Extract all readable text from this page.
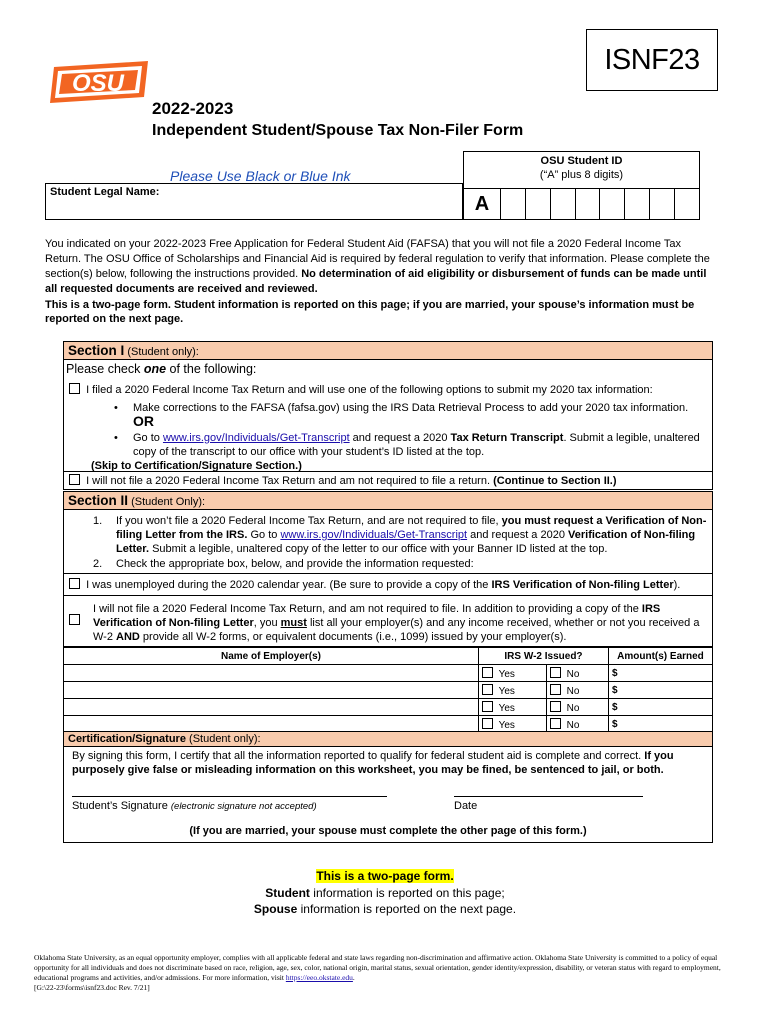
ISNF23
OSU
2022-2023
Independent Student/Spouse Tax Non-Filer Form
Please Use Black or Blue Ink
OSU Student ID
(“A” plus 8 digits)
A
Student Legal Name:
You indicated on your 2022-2023 Free Application for Federal Student Aid (FAFSA) that you will not file a 2020 Federal Income Tax Return. The OSU Office of Scholarships and Financial Aid is required by federal regulation to verify that information. Please complete the section(s) below, following the instructions provided. No determination of aid eligibility or disbursement of funds can be made until all requested documents are received and reviewed.
This is a two-page form. Student information is reported on this page; if you are married, your spouse’s information must be reported on the next page.
Section I (Student only):
Please check one of the following:
I filed a 2020 Federal Income Tax Return and will use one of the following options to submit my 2020 tax information:
• Make corrections to the FAFSA (fafsa.gov) using the IRS Data Retrieval Process to add your 2020 tax information.
OR
• Go to www.irs.gov/Individuals/Get-Transcript and request a 2020 Tax Return Transcript. Submit a legible, unaltered copy of the transcript to our office with your student’s ID listed at the top.
(Skip to Certification/Signature Section.)
I will not file a 2020 Federal Income Tax Return and am not required to file a return. (Continue to Section II.)
Section II (Student Only):
1. If you won’t file a 2020 Federal Income Tax Return, and are not required to file, you must request a Verification of Non-filing Letter from the IRS. Go to www.irs.gov/Individuals/Get-Transcript and request a 2020 Verification of Non-filing Letter. Submit a legible, unaltered copy of the letter to our office with your Banner ID listed at the top.
2. Check the appropriate box, below, and provide the information requested:
I was unemployed during the 2020 calendar year. (Be sure to provide a copy of the IRS Verification of Non-filing Letter).
I will not file a 2020 Federal Income Tax Return, and am not required to file. In addition to providing a copy of the IRS Verification of Non-filing Letter, you must list all your employer(s) and any income received, whether or not you received a W-2 AND provide all W-2 forms, or equivalent documents (i.e., 1099) issued by your employer(s).
Name of Employer(s)	IRS W-2 Issued?		Amount(s) Earned
	Yes	No	$
	Yes	No	$
	Yes	No	$
	Yes	No	$
Certification/Signature (Student only):
By signing this form, I certify that all the information reported to qualify for federal student aid is complete and correct. If you purposely give false or misleading information on this worksheet, you may be fined, be sentenced to jail, or both.
Student’s Signature (electronic signature not accepted)	Date
(If you are married, your spouse must complete the other page of this form.)
This is a two-page form.
Student information is reported on this page;
Spouse information is reported on the next page.
Oklahoma State University, as an equal opportunity employer, complies with all applicable federal and state laws regarding non-discrimination and affirmative action. Oklahoma State University is committed to a policy of equal opportunity for all individuals and does not discriminate based on race, religion, age, sex, color, national origin, marital status, sexual orientation, gender identity/expression, disability, or veteran status with regard to employment, educational programs and activities, and/or admissions. For more information, visit https://eeo.okstate.edu.
[G:\22-23\forms\isnf23.doc Rev. 7/21]
